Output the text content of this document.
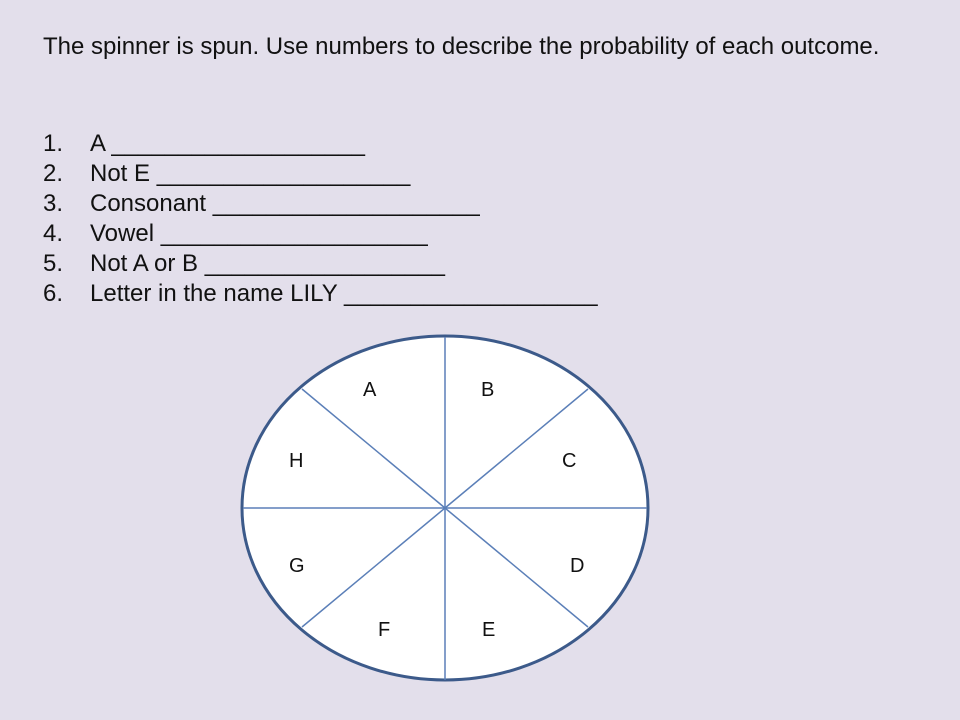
The spinner is spun. Use numbers to describe the probability of each outcome.

1. A ___________________
2. Not E ___________________
3. Consonant ____________________
4. Vowel ____________________
5. Not A or B __________________
6. Letter in the name LILY ___________________
A	B
C
D
E
F
G
H
